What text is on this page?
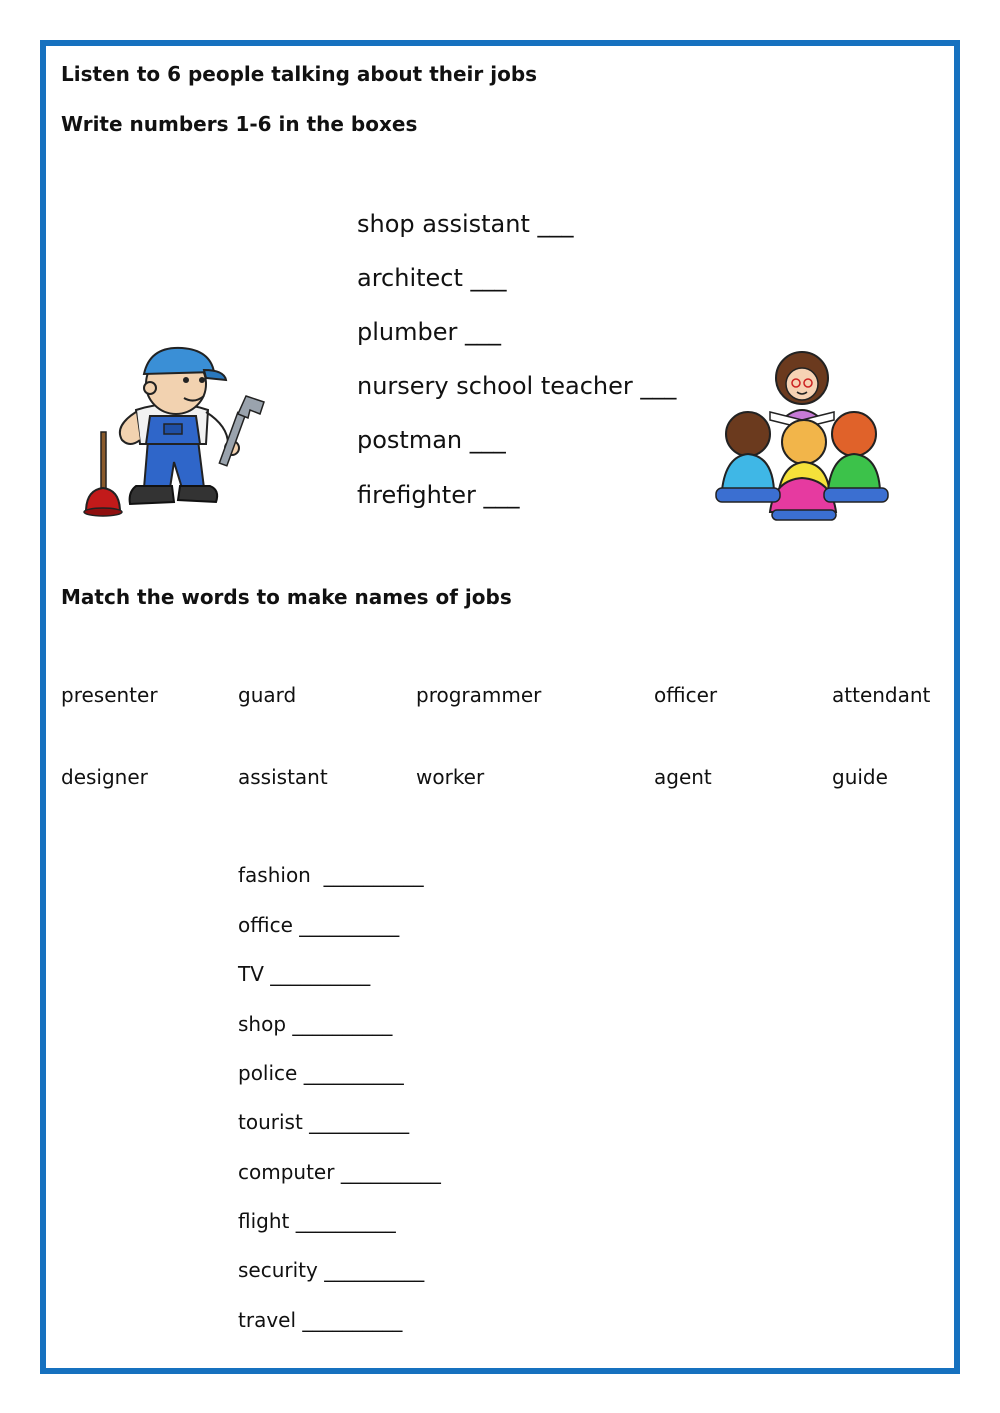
Listen to 6 people talking about their jobs
Write numbers 1-6 in the boxes
shop assistant ___
architect ___
plumber ___
nursery school teacher ___
postman ___
firefighter ___
Match the words to make names of jobs
presenter	guard	programmer	officer	attendant
designer	assistant	worker	agent	guide
fashion  __________
office __________
TV __________
shop __________
police __________
tourist __________
computer __________
flight __________
security __________
travel __________
